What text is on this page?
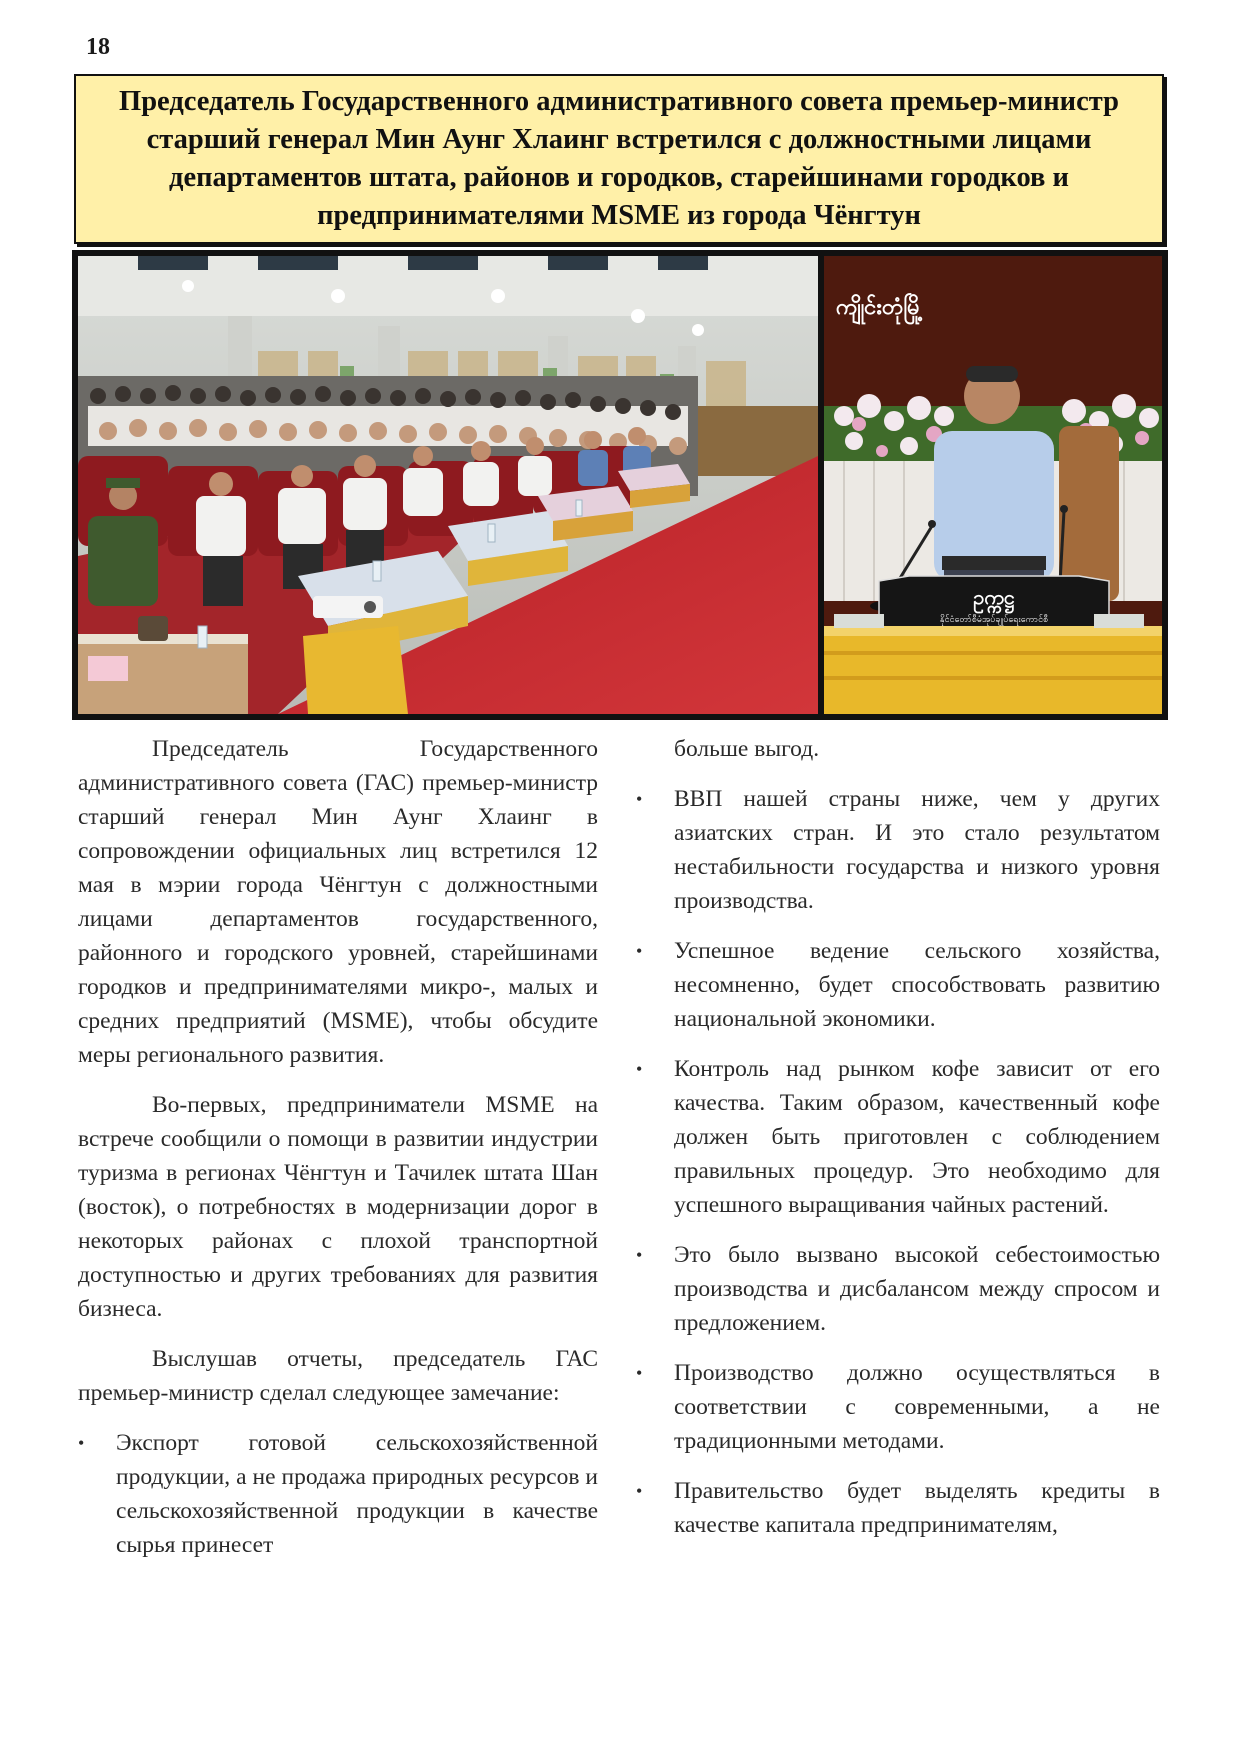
18
Председатель Государственного административного совета премьер-министр старший генерал Мин Аунг Хлаинг встретился с должностными лицами департаментов штата, районов и городков, старейшинами городков и предпринимателями MSME из города Чёнгтун
ကျိုင်းတုံမြို့
ဥက္ကဋ္ဌ
နိုင်ငံတော်စီမံအုပ်ချုပ်ရေးကောင်စီ

Председатель Государственного административного совета (ГАС) премьер-министр старший генерал Мин Аунг Хлаинг в сопровождении официальных лиц встретился 12 мая в мэрии города Чёнгтун с должностными лицами департаментов государственного, районного и городского уровней, старейшинами городков и предпринимателями микро-, малых и средних предприятий (MSME), чтобы обсудите меры регионального развития.

Во-первых, предприниматели MSME на встрече сообщили о помощи в развитии индустрии туризма в регионах Чёнгтун и Тачилек штата Шан (восток), о потребностях в модернизации дорог в некоторых районах с плохой транспортной доступностью и других требованиях для развития бизнеса.

Выслушав отчеты, председатель ГАС премьер-министр сделал следующее замечание:

• Экспорт готовой сельскохозяйственной продукции, а не продажа природных ресурсов и сельскохозяйственной продукции в качестве сырья принесет

больше выгод.

• ВВП нашей страны ниже, чем у других азиатских стран. И это стало результатом нестабильности государства и низкого уровня производства.
• Успешное ведение сельского хозяйства, несомненно, будет способствовать развитию национальной экономики.
• Контроль над рынком кофе зависит от его качества. Таким образом, качественный кофе должен быть приготовлен с соблюдением правильных процедур. Это необходимо для успешного выращивания чайных растений.
• Это было вызвано высокой себестоимостью производства и дисбалансом между спросом и предложением.
• Производство должно осуществляться в соответствии с современными, а не традиционными методами.
• Правительство будет выделять кредиты в качестве капитала предпринимателям,
